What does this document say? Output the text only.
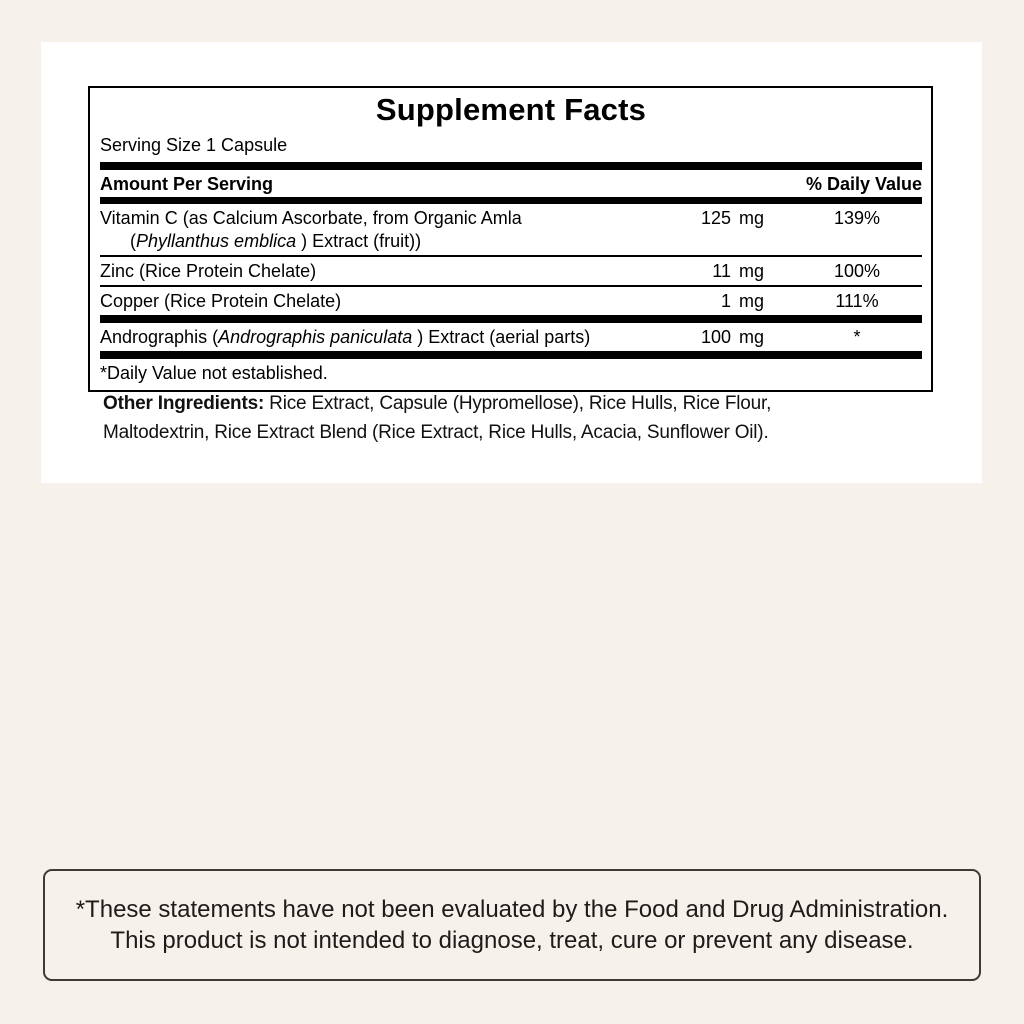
Supplement Facts
Serving Size 1 Capsule
Amount Per Serving	% Daily Value
Vitamin C (as Calcium Ascorbate, from Organic Amla
(Phyllanthus emblica ) Extract (fruit))
125 mg	139%
Zinc (Rice Protein Chelate)	11 mg	100%
Copper (Rice Protein Chelate)	1 mg	111%
Andrographis (Andrographis paniculata ) Extract (aerial parts)	100 mg	*
*Daily Value not established.
Other Ingredients: Rice Extract, Capsule (Hypromellose), Rice Hulls, Rice Flour, Maltodextrin, Rice Extract Blend (Rice Extract, Rice Hulls, Acacia, Sunflower Oil).
*These statements have not been evaluated by the Food and Drug Administration.
This product is not intended to diagnose, treat, cure or prevent any disease.
